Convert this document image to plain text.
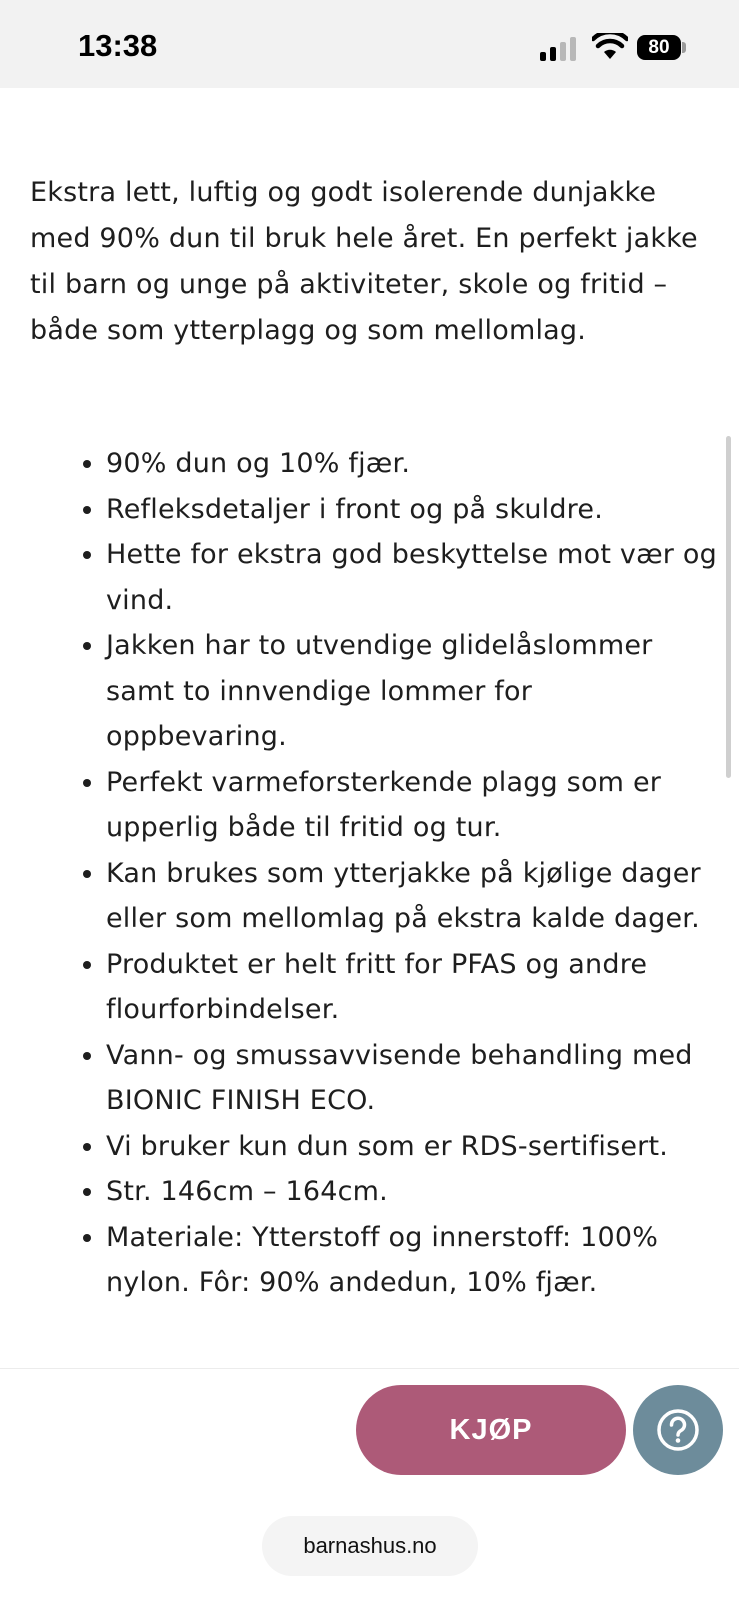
Ekstra lett, luftig og godt isolerende dunjakke med 90% dun til bruk hele året. En perfekt jakke til barn og unge på aktiviteter, skole og fritid – både som ytterplagg og som mellomlag.

• 90% dun og 10% fjær.
• Refleksdetaljer i front og på skuldre.
• Hette for ekstra god beskyttelse mot vær og vind.
• Jakken har to utvendige glidelåslommer samt to innvendige lommer for oppbevaring.
• Perfekt varmeforsterkende plagg som er upperlig både til fritid og tur.
• Kan brukes som ytterjakke på kjølige dager eller som mellomlag på ekstra kalde dager.
• Produktet er helt fritt for PFAS og andre flourforbindelser.
• Vann- og smussavvisende behandling med BIONIC FINISH ECO.
• Vi bruker kun dun som er RDS-sertifisert.
• Str. 146cm – 164cm.
• Materiale: Ytterstoff og innerstoff: 100% nylon. Fôr: 90% andedun, 10% fjær.
13:38	80
KJØP
barnashus.no
